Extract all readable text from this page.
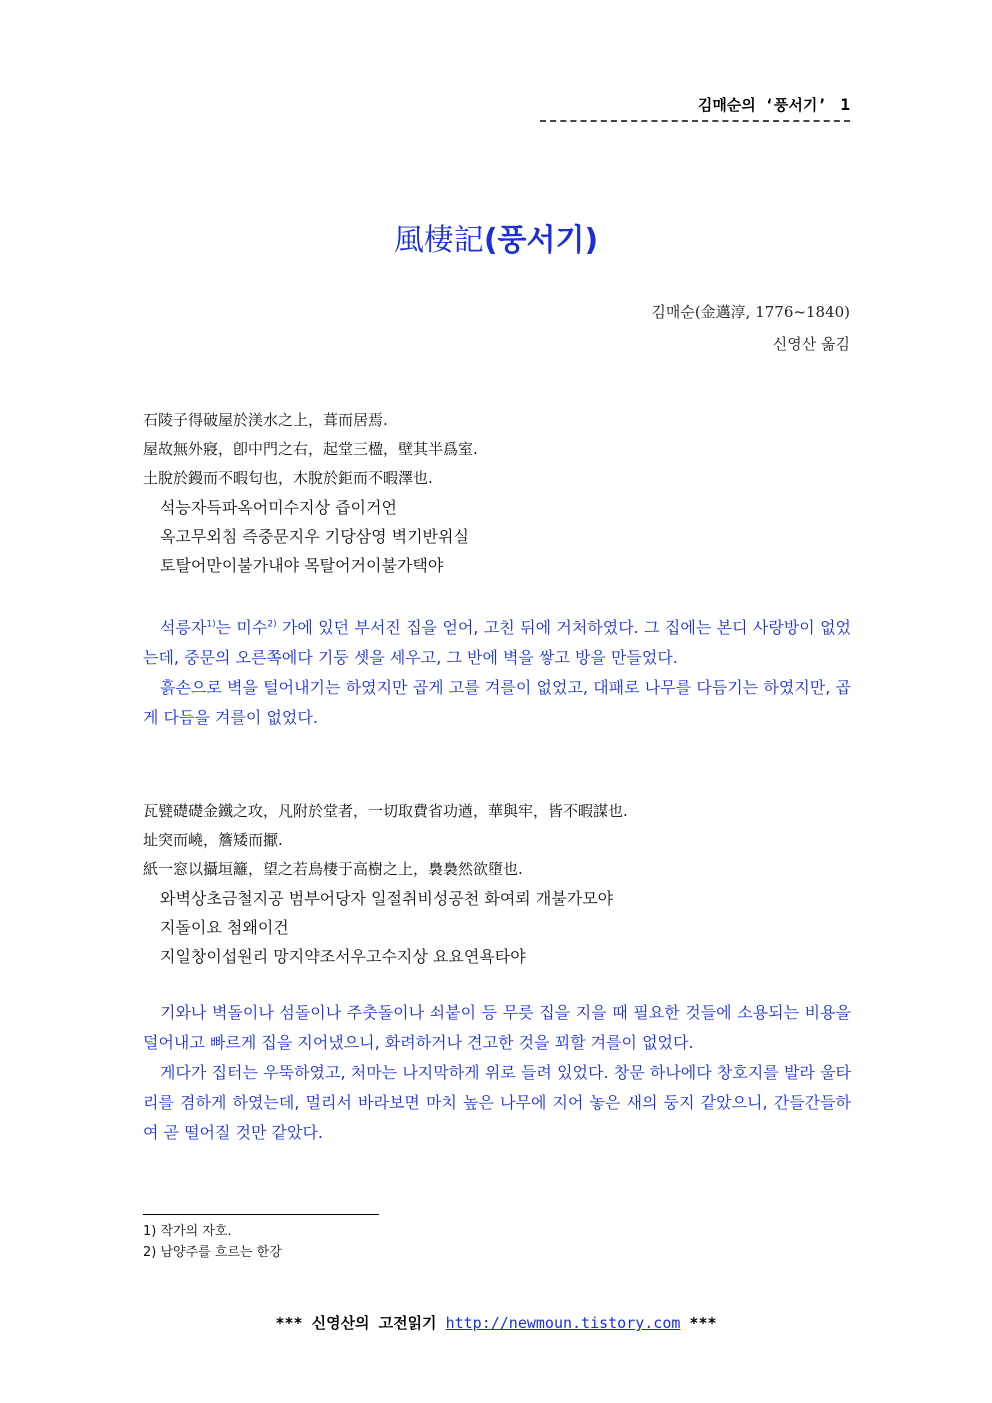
김매순의 ‘풍서기’ 1
風棲記(풍서기)
김매순(金邁淳, 1776~1840)
신영산 옮김
石陵子得破屋於渼水之上，葺而居焉.
屋故無外寢，卽中門之右，起堂三楹，壁其半爲室.
土脫於鏝而不暇匂也，木脫於鉅而不暇澤也.
석능자득파옥어미수지상 즙이거언
옥고무외침 즉중문지우 기당삼영 벽기반위실
토탈어만이불가내야 목탈어거이불가택야

석릉자$^{1)}$는 미수$^{2)}$ 가에 있던 부서진 집을 얻어, 고친 뒤에 거처하였다. 그 집에는 본디 사랑방이 없었는데, 중문의 오른쪽에다 기둥 셋을 세우고, 그 반에 벽을 쌓고 방을 만들었다.

흙손으로 벽을 털어내기는 하였지만 곱게 고를 겨를이 없었고, 대패로 나무를 다듬기는 하였지만, 곱게 다듬을 겨를이 없었다.

瓦甓礎礎金鐵之攻，凡附於堂者，一切取費省功遒，華與牢，皆不暇謀也.
址突而嶢，簷矮而擫.
紙一窓以攝垣籬，望之若鳥棲于高樹之上，裊裊然欲墮也.
와벽상초금철지공 범부어당자 일절취비성공천 화여뢰 개불가모야
지돌이요 첨왜이건
지일창이섭원리 망지약조서우고수지상 요요연욕타야

기와나 벽돌이나 섬돌이나 주춧돌이나 쇠붙이 등 무릇 집을 지을 때 필요한 것들에 소용되는 비용을 덜어내고 빠르게 집을 지어냈으니, 화려하거나 견고한 것을 꾀할 겨를이 없었다.

게다가 집터는 우뚝하였고, 처마는 나지막하게 위로 들려 있었다. 창문 하나에다 창호지를 발라 울타리를 겸하게 하였는데, 멀리서 바라보면 마치 높은 나무에 지어 놓은 새의 둥지 같았으니, 간들간들하여 곧 떨어질 것만 같았다.

1) 작가의 자호.
2) 남양주를 흐르는 한강
*** 신영산의 고전읽기 http://newmoun.tistory.com ***
